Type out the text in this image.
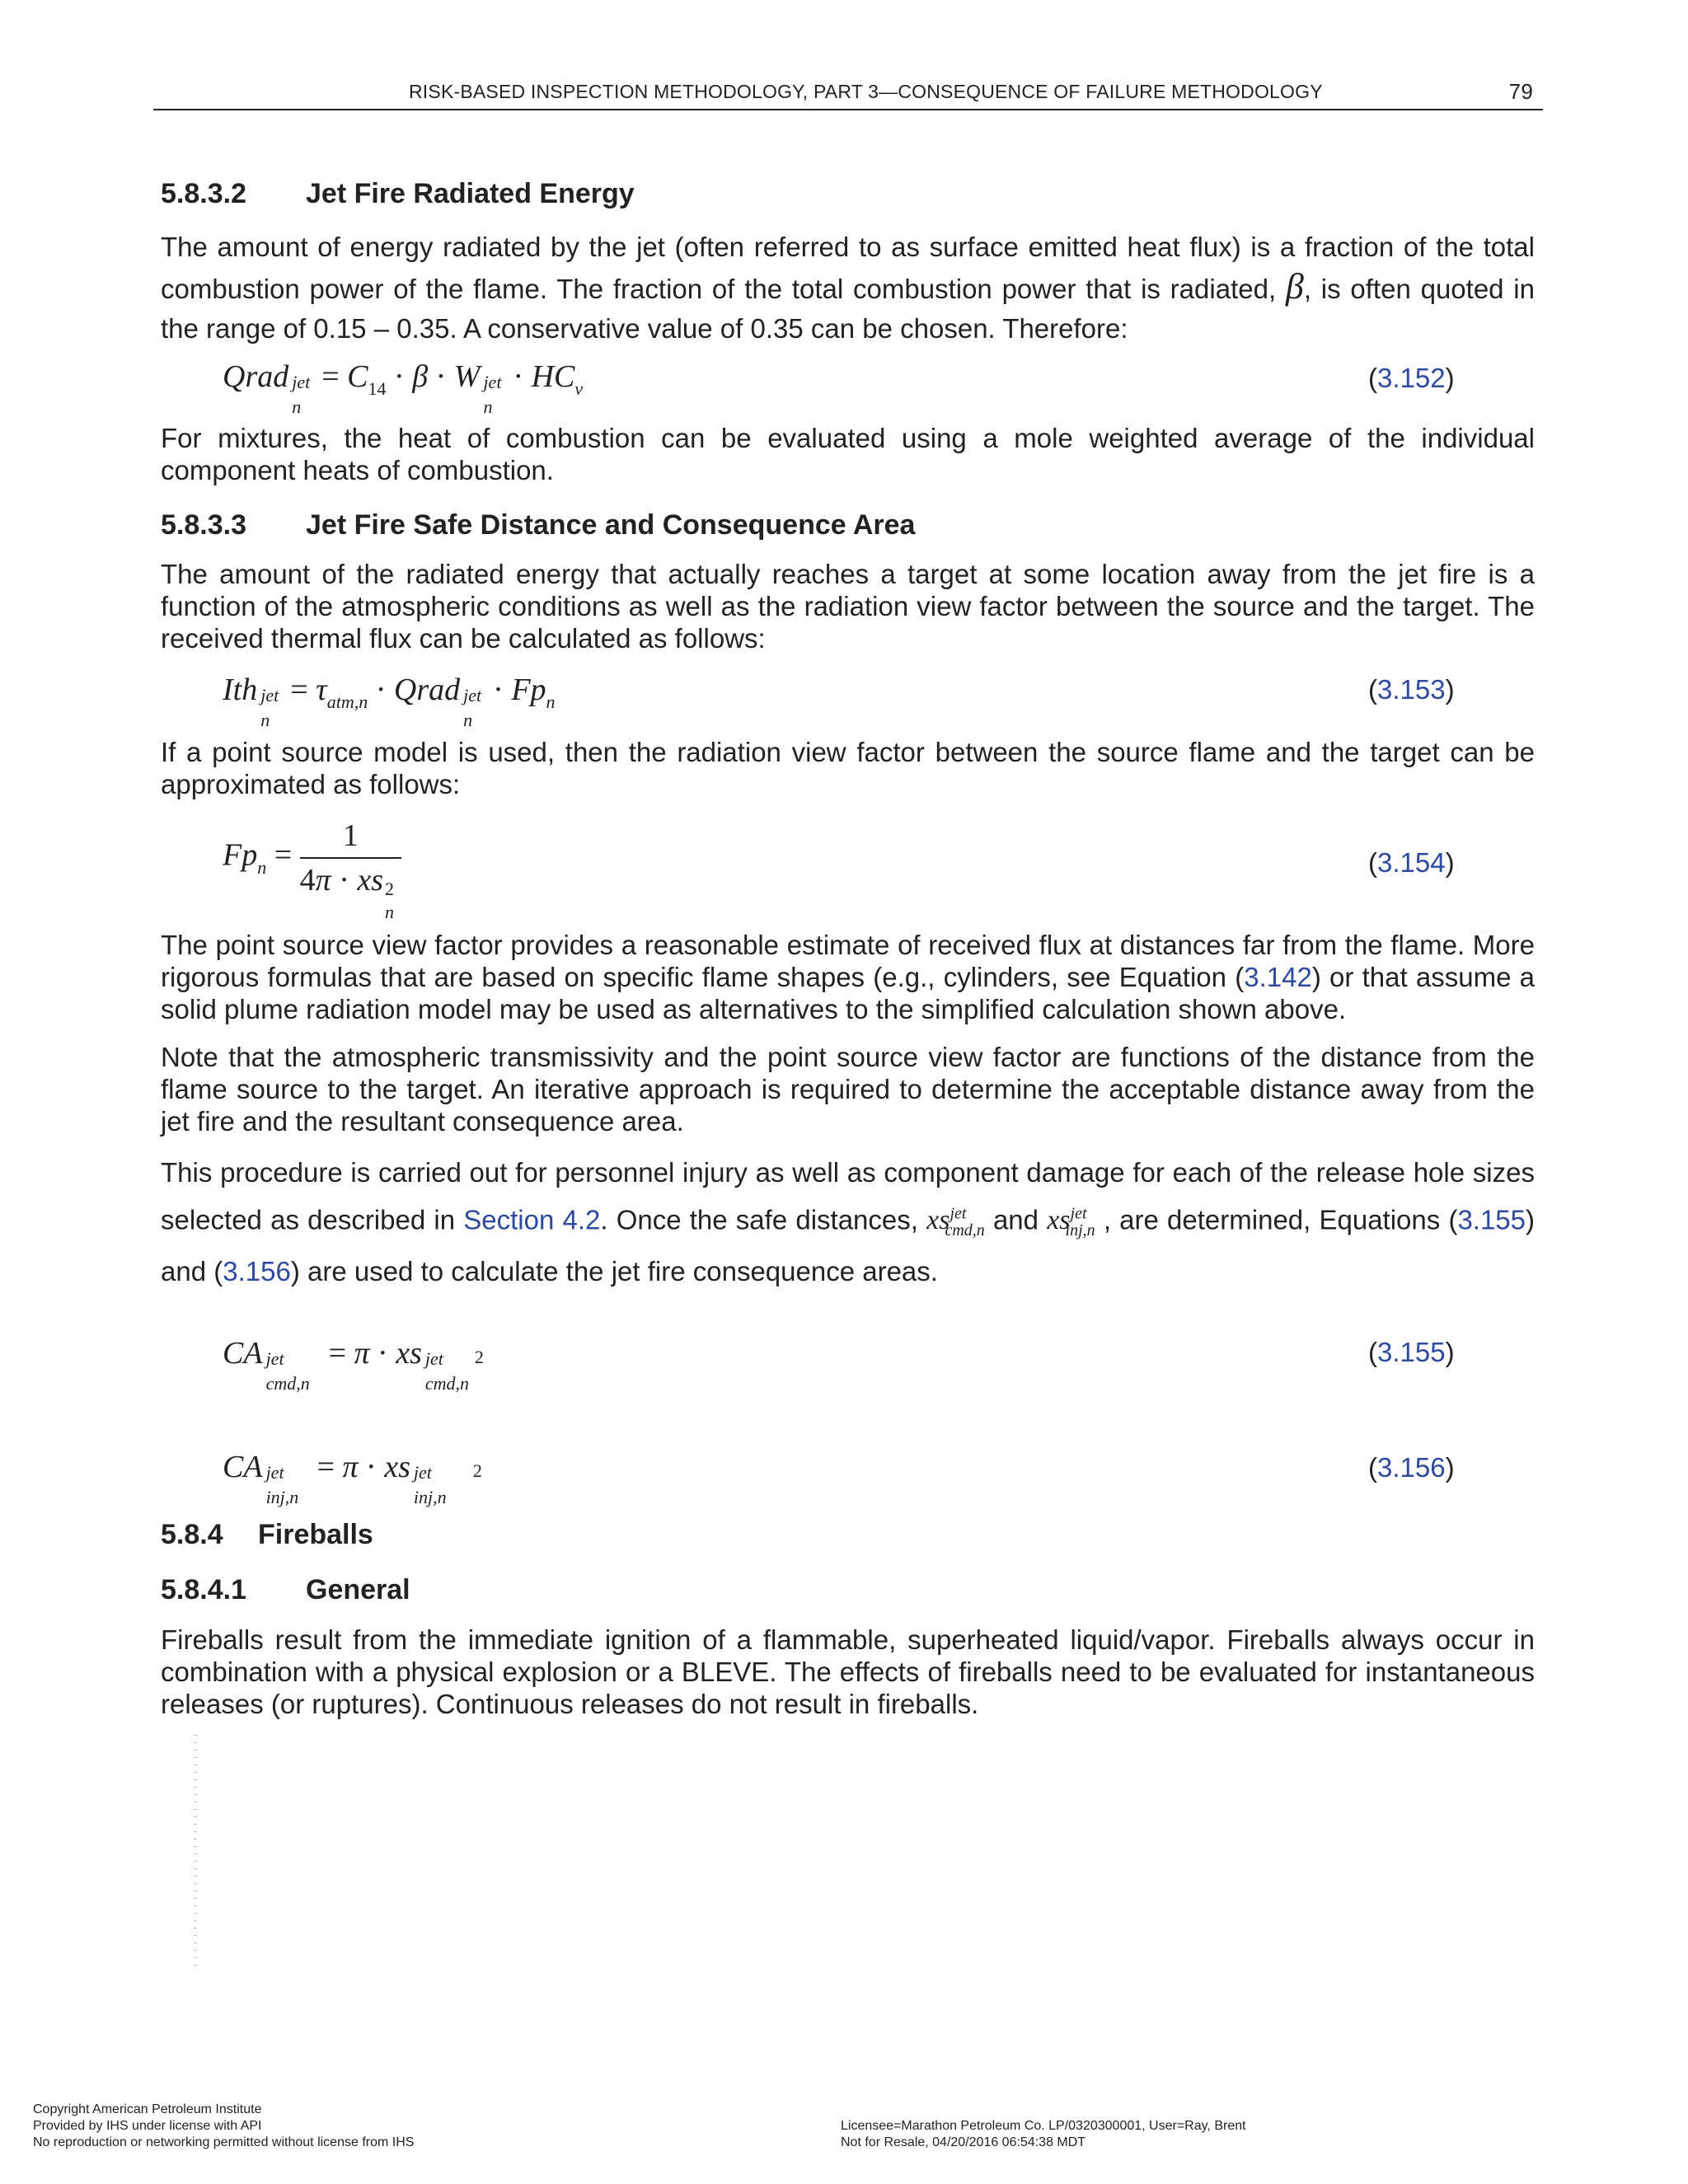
RISK-BASED INSPECTION METHODOLOGY, PART 3—CONSEQUENCE OF FAILURE METHODOLOGY	79
5.8.3.2 Jet Fire Radiated Energy
The amount of energy radiated by the jet (often referred to as surface emitted heat flux) is a fraction of the total combustion power of the flame. The fraction of the total combustion power that is radiated, β, is often quoted in the range of 0.15 – 0.35. A conservative value of 0.35 can be chosen. Therefore:
Qrad jet
n
= $C_{14} \cdot \beta \cdot W$ jet
n
· $HC_v$	(3.152)
For mixtures, the heat of combustion can be evaluated using a mole weighted average of the individual component heats of combustion.
5.8.3.3 Jet Fire Safe Distance and Consequence Area
The amount of the radiated energy that actually reaches a target at some location away from the jet fire is a function of the atmospheric conditions as well as the radiation view factor between the source and the target. The received thermal flux can be calculated as follows:
Ith jet
n
= $\tau_{atm,n}$ · Qrad jet
n
· $Fp_n$	(3.153)
If a point source model is used, then the radiation view factor between the source flame and the target can be approximated as follows:
$Fp_n = 1$
4π · xs 2
n	(3.154)
The point source view factor provides a reasonable estimate of received flux at distances far from the flame. More rigorous formulas that are based on specific flame shapes (e.g., cylinders, see Equation (3.142) or that assume a solid plume radiation model may be used as alternatives to the simplified calculation shown above.
Note that the atmospheric transmissivity and the point source view factor are functions of the distance from the flame source to the target. An iterative approach is required to determine the acceptable distance away from the jet fire and the resultant consequence area.
This procedure is carried out for personnel injury as well as component damage for each of the release hole sizes selected as described in Section 4.2. Once the safe distances, $xs^{jet}_{cmd,n}$ and $xs^{jet}_{inj,n}$ , are determined, Equations (3.155) and (3.156) are used to calculate the jet fire consequence areas.
CA jet
cmd,n
= π · xs jet
cmd,n
2	(3.155)
CA jet
inj,n
= π · xs jet
inj,n
2	(3.156)
5.8.4 Fireballs
5.8.4.1 General
Fireballs result from the immediate ignition of a flammable, superheated liquid/vapor. Fireballs always occur in combination with a physical explosion or a BLEVE. The effects of fireballs need to be evaluated for instantaneous releases (or ruptures). Continuous releases do not result in fireballs.
Copyright American Petroleum Institute
Provided by IHS under license with API
No reproduction or networking permitted without license from IHS
Licensee=Marathon Petroleum Co. LP/0320300001, User=Ray, Brent
Not for Resale, 04/20/2016 06:54:38 MDT
